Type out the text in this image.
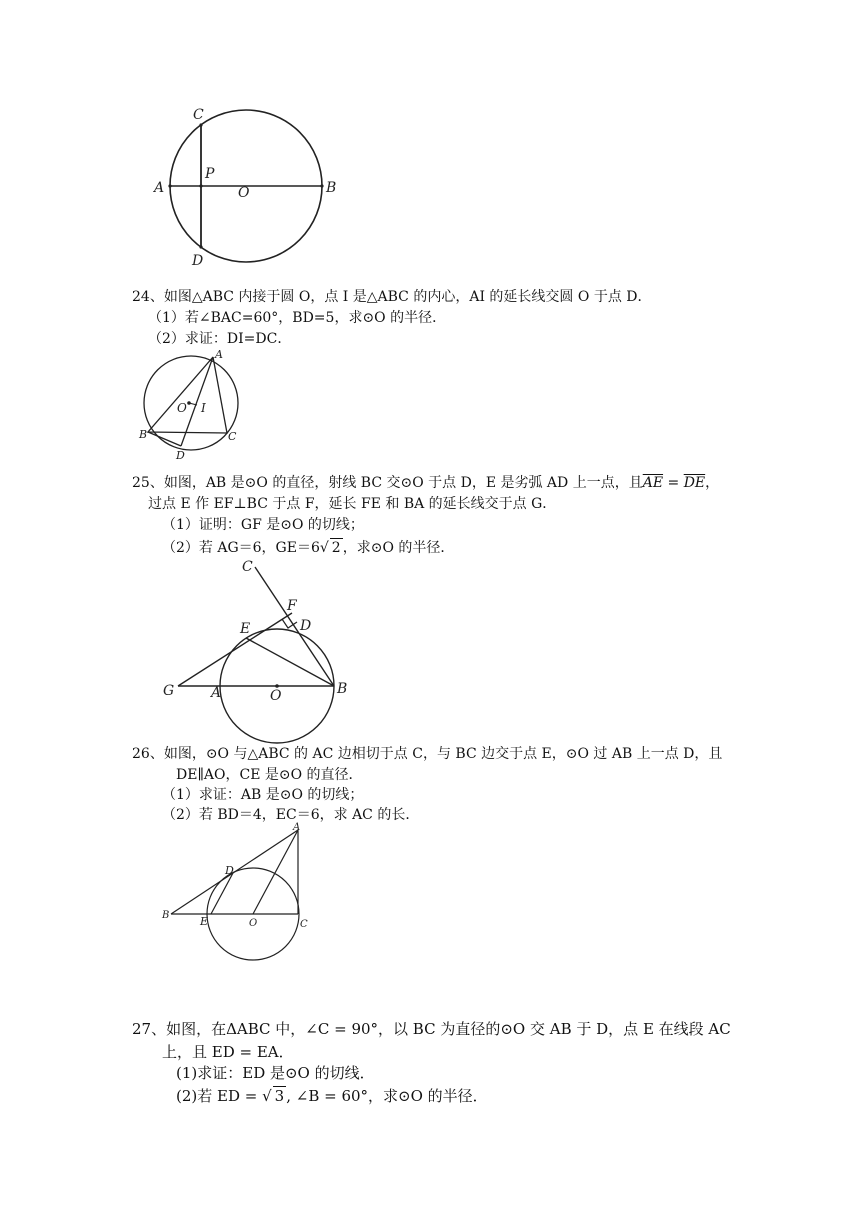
C
P
A	O	B
D
24、如图△ABC 内接于圆 O，点 I 是△ABC 的内心，AI 的延长线交圆 O 于点 D．
（1）若∠BAC=60°，BD=5，求⊙O 的半径．
（2）求证：DI=DC．
A
O I
B	C
D
25、如图，AB 是⊙O 的直径，射线 BC 交⊙O 于点 D，E 是劣弧 AD 上一点，且$\overline{AE} = \overline{DE}$，
过点 E 作 EF⊥BC 于点 F，延长 FE 和 BA 的延长线交于点 G．
（1）证明：GF 是⊙O 的切线；
（2）若 AG＝6，GE＝6√ 2 ，求⊙O 的半径．
C
F
E	D
G	A	O	B
26、如图，⊙O 与△ABC 的 AC 边相切于点 C，与 BC 边交于点 E，⊙O 过 AB 上一点 D，且
DE∥AO，CE 是⊙O 的直径．
（1）求证：AB 是⊙O 的切线；
（2）若 BD＝4，EC＝6，求 AC 的长．
A
D
B	E	O	C
27、如图，在ΔABC 中，∠C = 90°，以 BC 为直径的⊙O 交 AB 于 D，点 E 在线段 AC
上，且 ED = EA．
(1)求证：ED 是⊙O 的切线．
(2)若 ED = √ 3 , ∠B = 60°，求⊙O 的半径．
